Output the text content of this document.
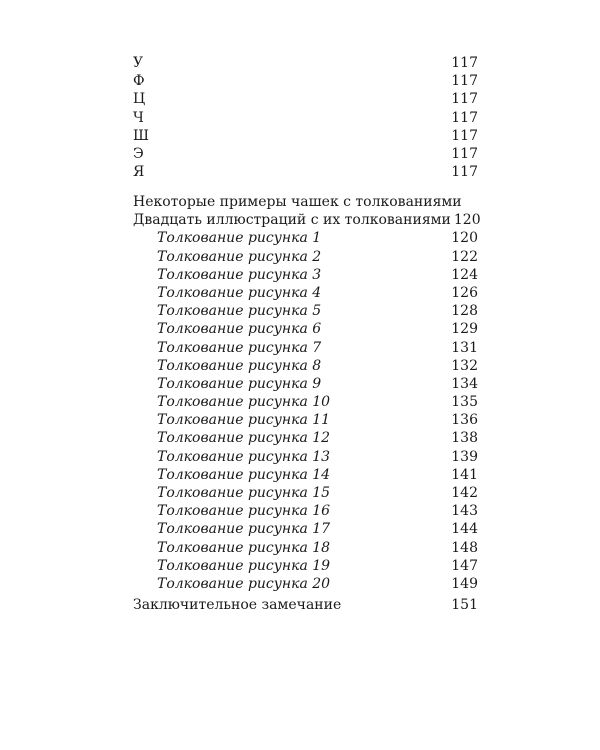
У	117
Ф	117
Ц	117
Ч	117
Ш	117
Э	117
Я	117
Некоторые примеры чашек с толкованиями
Двадцать иллюстраций с их толкованиями 120
Толкование рисунка 1	120
Толкование рисунка 2	122
Толкование рисунка 3	124
Толкование рисунка 4	126
Толкование рисунка 5	128
Толкование рисунка 6	129
Толкование рисунка 7	131
Толкование рисунка 8	132
Толкование рисунка 9	134
Толкование рисунка 10	135
Толкование рисунка 11	136
Толкование рисунка 12	138
Толкование рисунка 13	139
Толкование рисунка 14	141
Толкование рисунка 15	142
Толкование рисунка 16	143
Толкование рисунка 17	144
Толкование рисунка 18	148
Толкование рисунка 19	147
Толкование рисунка 20	149
Заключительное замечание	151
